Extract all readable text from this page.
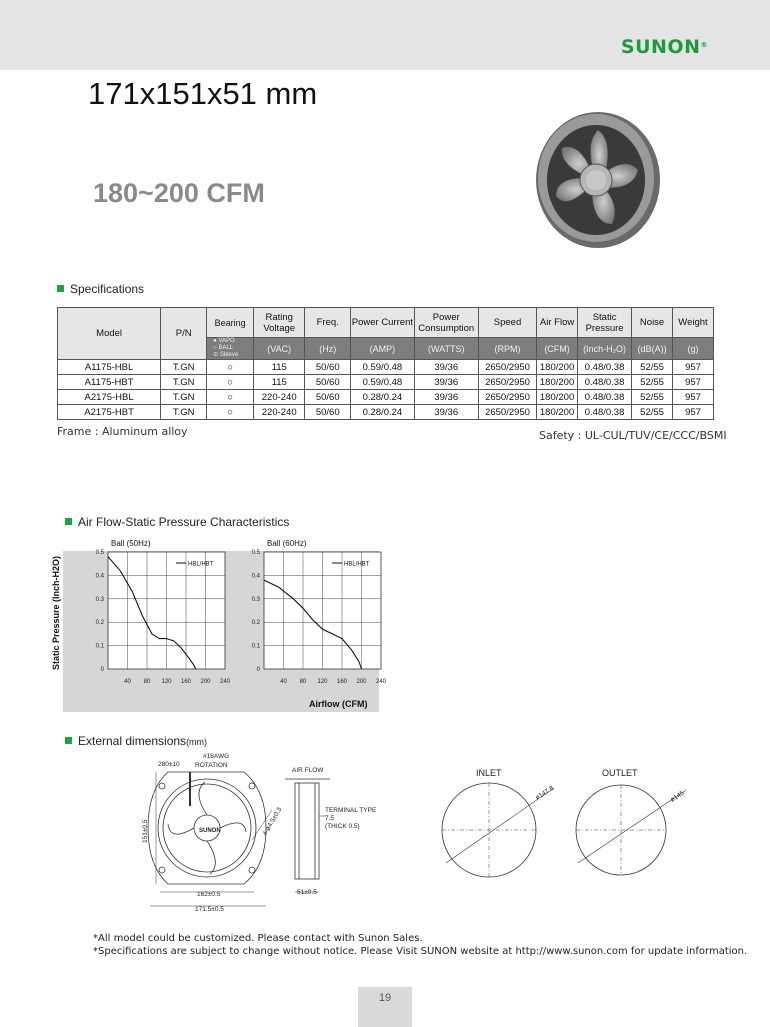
SUNON®
171x151x51 mm
180~200 CFM
Specifications
Model	P/N	Bearing	Rating Voltage	Freq.	Power Current	Power Consumption	Speed	Air Flow	Static Pressure	Noise	Weight

		● VAPO
○ BALL
⊙ Sleeve	(VAC)	(Hz)	(AMP)	(WATTS)	(RPM)	(CFM)	(Inch-H₂O)	(dB(A))	(g)
A1175-HBL	T.GN	○	115	50/60	0.59/0.48	39/36	2650/2950	180/200	0.48/0.38	52/55	957
A1175-HBT	T.GN	○	115	50/60	0.59/0.48	39/36	2650/2950	180/200	0.48/0.38	52/55	957
A2175-HBL	T.GN	○	220-240	50/60	0.28/0.24	39/36	2650/2950	180/200	0.48/0.38	52/55	957
A2175-HBT	T.GN	○	220-240	50/60	0.28/0.24	39/36	2650/2950	180/200	0.48/0.38	52/55	957
Frame : Aluminum alloy	Safety : UL-CUL/TUV/CE/CCC/BSMI
Air Flow-Static Pressure Characteristics
Static Pressure (Inch-H2O)
Airflow (CFM)
HBL/HBT
Ball (50Hz)
0
0.1
0.2
0.3
0.4
0.5
40 80 120 160 200 240
HBL/HBT
Ball (60Hz)
0
0.1
0.2
0.3
0.4
0.5
40 80 120 160 200 240
External dimensions(mm)
#18AWG
280±10 ROTATION
SUNON
151±0.5	4-ø4.5±0.3
162±0.5
171.5±0.5
AIR FLOW
TERMINAL TYPE
7.5
(THICK 0.5)
51±0.5
INLET	OUTLET
ø147.8	ø145
*All model could be customized. Please contact with Sunon Sales.
*Specifications are subject to change without notice. Please Visit SUNON website at http://www.sunon.com for update information.
19
